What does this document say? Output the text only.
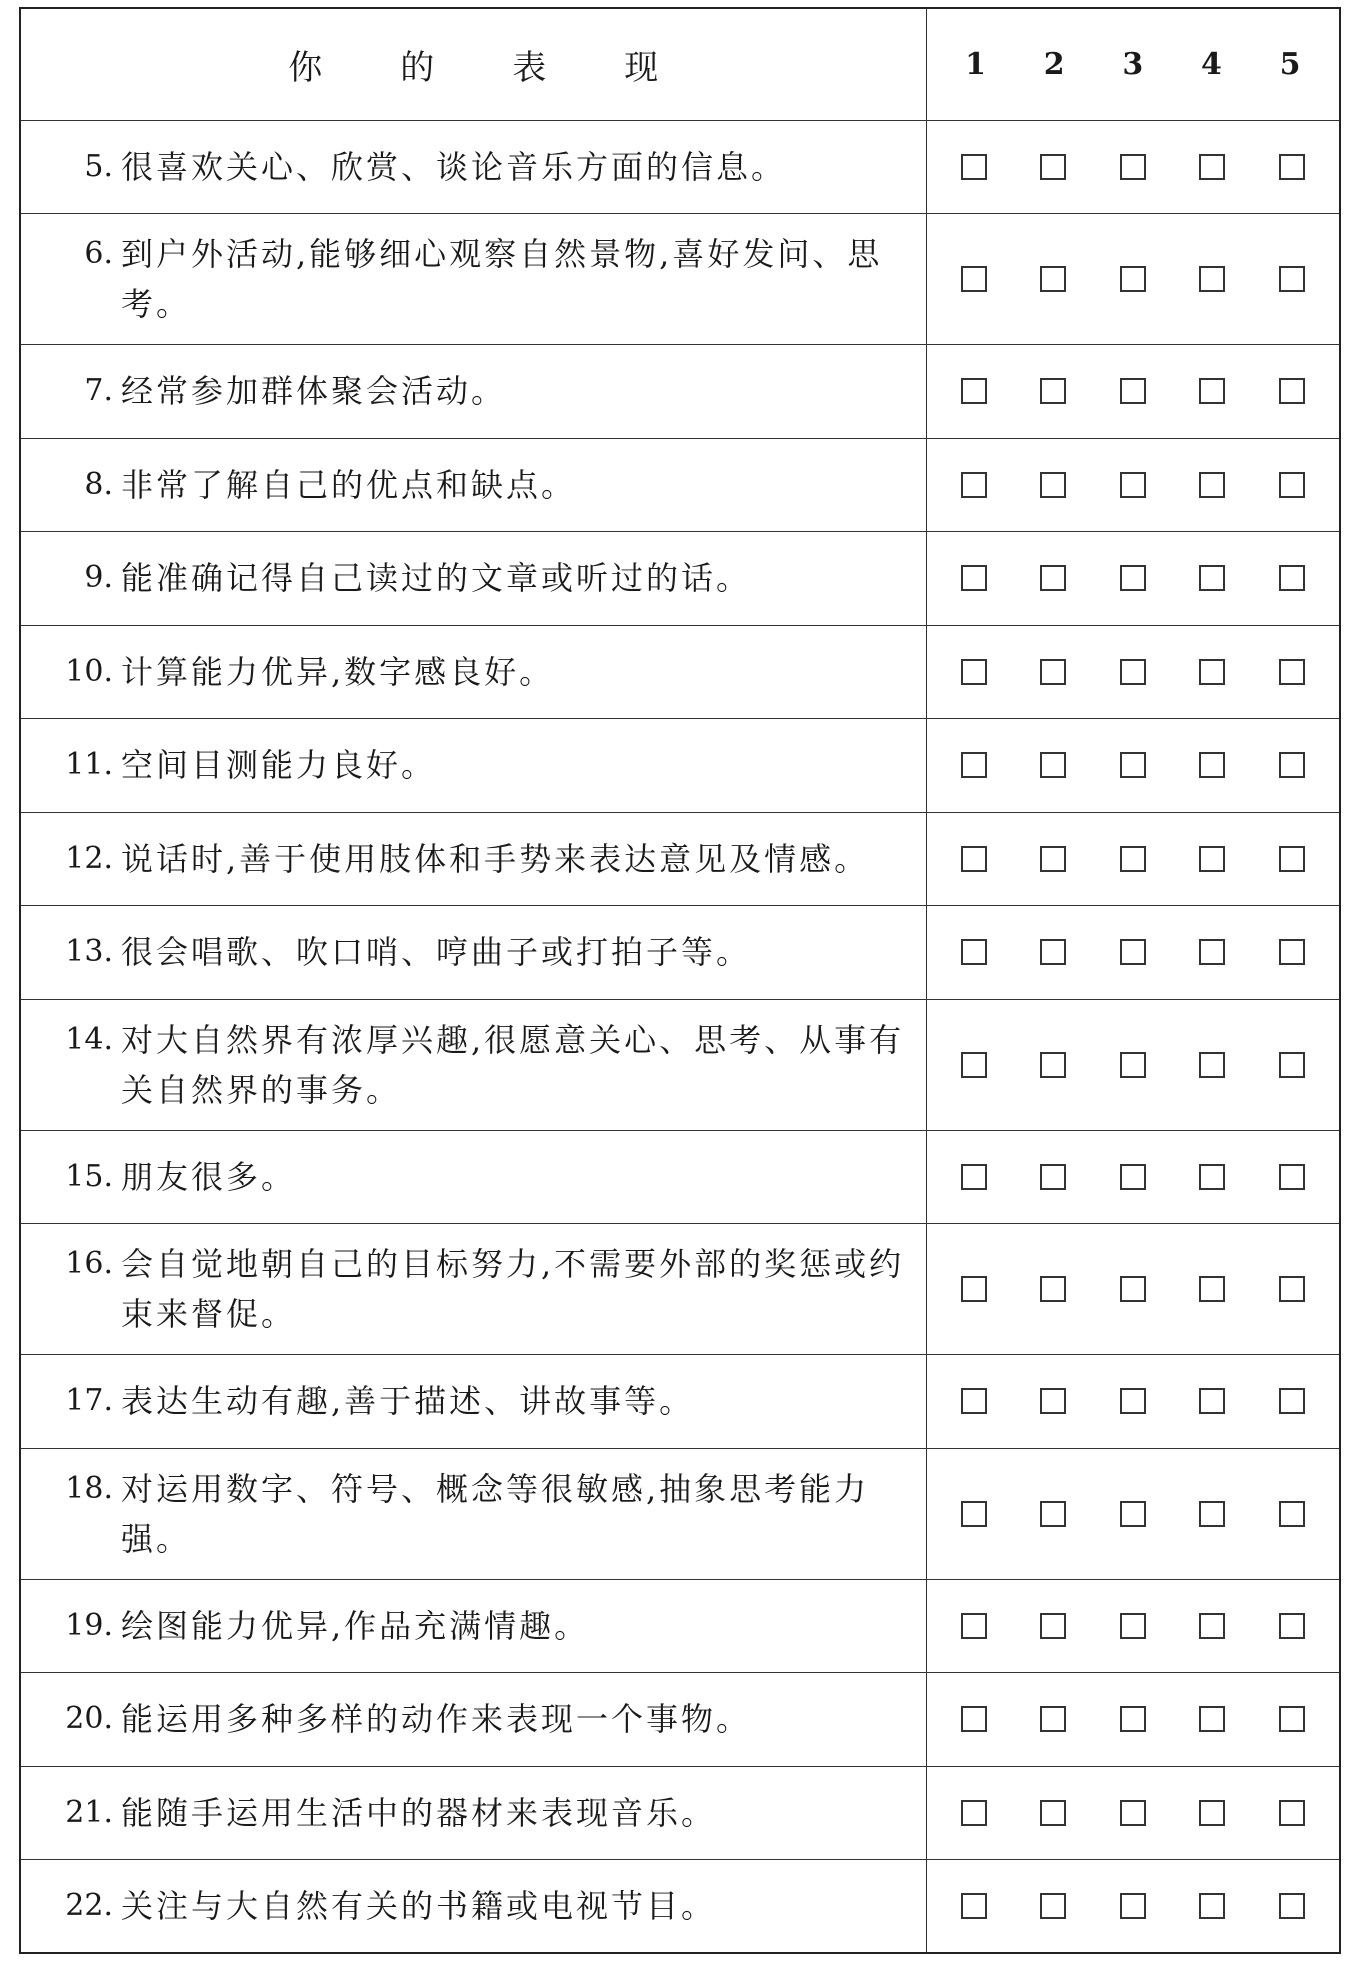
你的表现	1 2 3 4 5

5. 很喜欢关心、欣赏、谈论音乐方面的信息。	

6. 到户外活动,能够细心观察自然景物,喜好发问、思考。	

7. 经常参加群体聚会活动。	

8. 非常了解自己的优点和缺点。	

9. 能准确记得自己读过的文章或听过的话。	

10. 计算能力优异,数字感良好。	

11. 空间目测能力良好。	

12. 说话时,善于使用肢体和手势来表达意见及情感。	

13. 很会唱歌、吹口哨、哼曲子或打拍子等。	

14. 对大自然界有浓厚兴趣,很愿意关心、思考、从事有关自然界的事务。	

15. 朋友很多。	

16. 会自觉地朝自己的目标努力,不需要外部的奖惩或约束来督促。	

17. 表达生动有趣,善于描述、讲故事等。	

18. 对运用数字、符号、概念等很敏感,抽象思考能力强。	

19. 绘图能力优异,作品充满情趣。	

20. 能运用多种多样的动作来表现一个事物。	

21. 能随手运用生活中的器材来表现音乐。	

22. 关注与大自然有关的书籍或电视节目。	
